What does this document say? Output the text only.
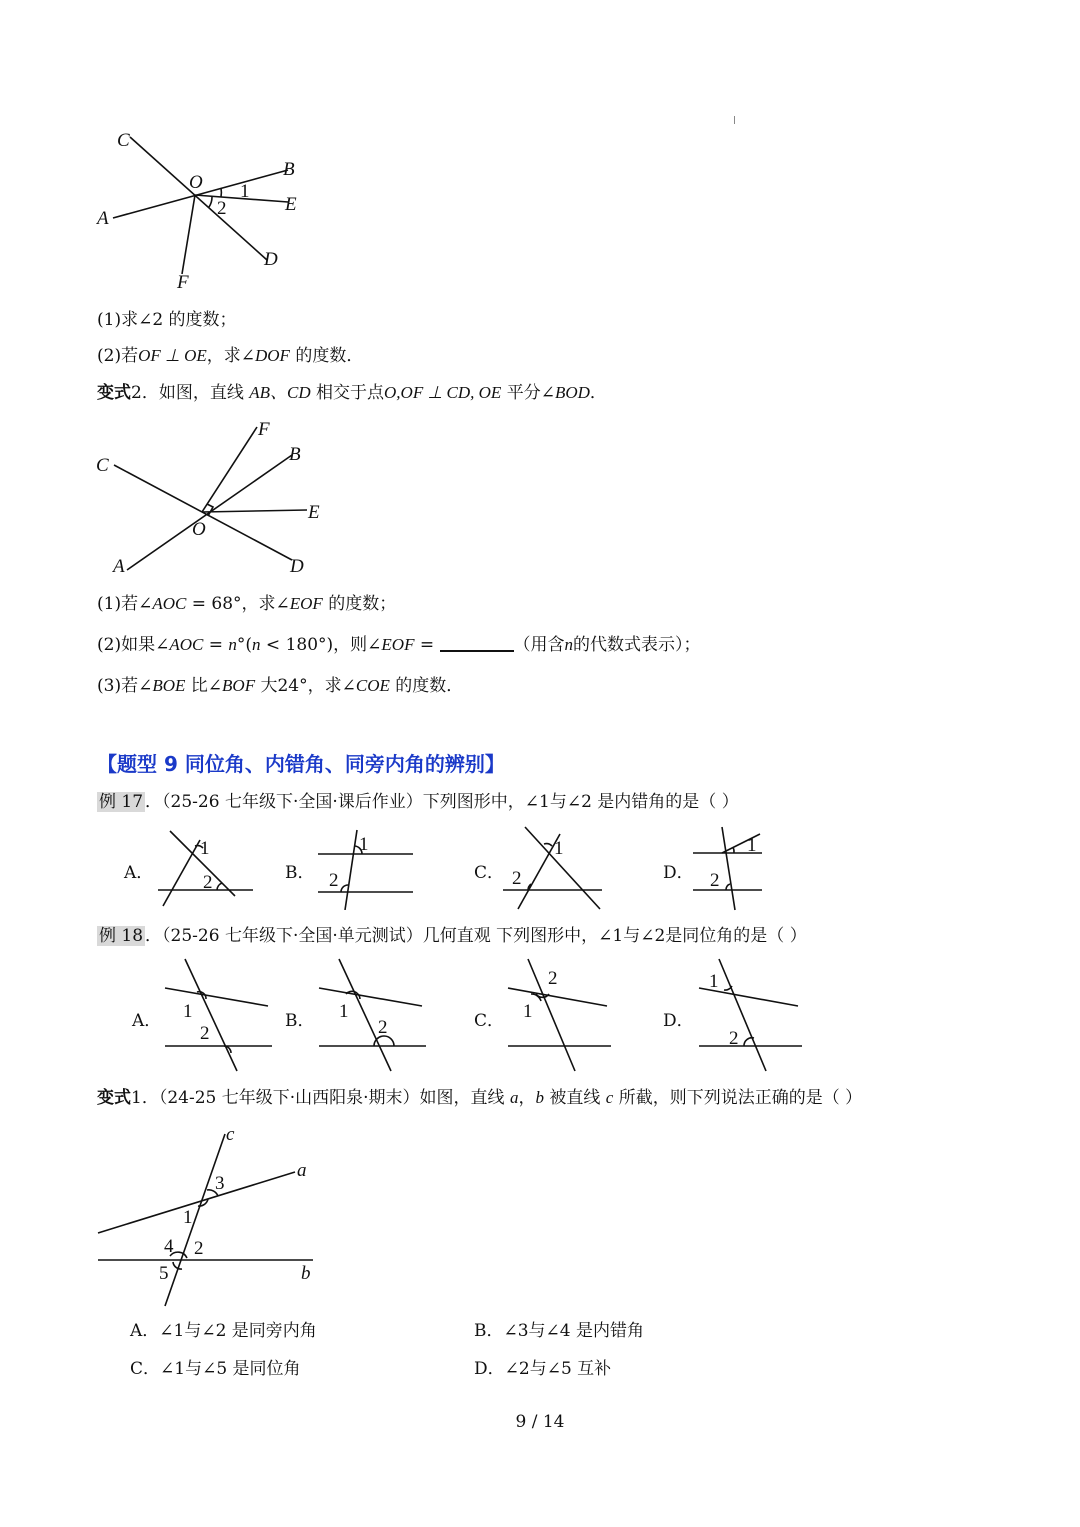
C
B
O 1
E
A	2
D
F
(1)求∠2 的度数；
(2)若OF ⊥ OE，求∠DOF 的度数．
变式2．如图，直线 AB、CD 相交于点O,OF ⊥ CD, OE 平分∠BOD．
F
B
C
E
O
A	D
(1)若∠AOC = 68°，求∠EOF 的度数；
(2)如果∠AOC = n°(n < 180°)，则∠EOF =	（用含n的代数式表示）；
(3)若∠BOE 比∠BOF 大24°，求∠COE 的度数．
【题型 9 同位角、内错角、同旁内角的辨别】
例 17 ．（25-26 七年级下·全国·课后作业）下列图形中，∠1与∠2 是内错角的是（ ）
A．
1
2	B．
1
2	C．
1
2	D．
1
2
例 18 ．（25-26 七年级下·全国·单元测试）几何直观 下列图形中，∠1与∠2是同位角的是（ ）
A． 1
2
B． 1
2	C．
2
1	D．
1
2
变式1．（24-25 七年级下·山西阳泉·期末）如图，直线 a，b 被直线 c 所截，则下列说法正确的是（ ）
c
a
3
1
4 2
5	b
A．∠1与∠2 是同旁内角	B．∠3与∠4 是内错角
C．∠1与∠5 是同位角	D．∠2与∠5 互补
9 / 14
